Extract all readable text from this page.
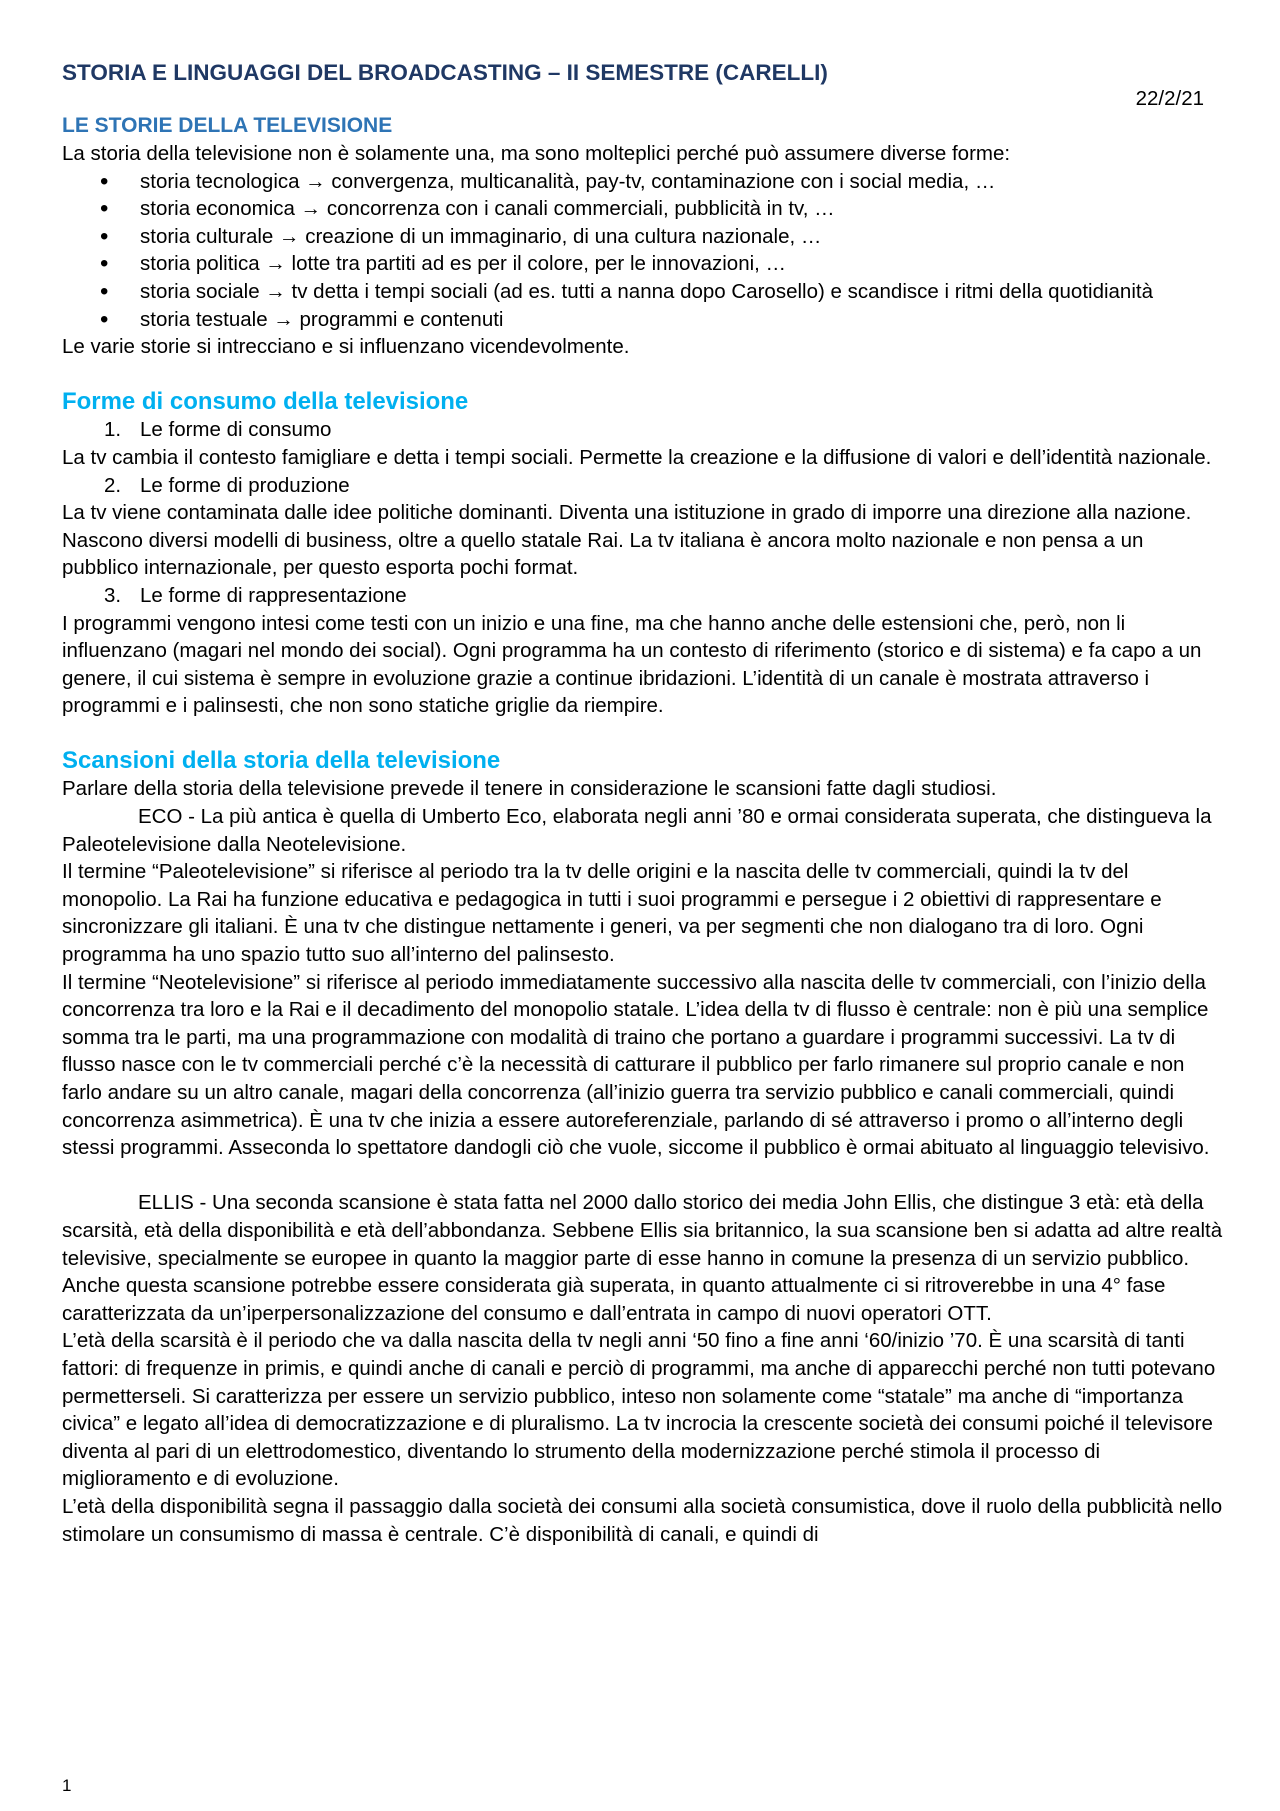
STORIA E LINGUAGGI DEL BROADCASTING – II SEMESTRE (CARELLI)
22/2/21
LE STORIE DELLA TELEVISIONE

La storia della televisione non è solamente una, ma sono molteplici perché può assumere diverse forme:

• storia tecnologica → convergenza, multicanalità, pay-tv, contaminazione con i social media, …
• storia economica → concorrenza con i canali commerciali, pubblicità in tv, …
• storia culturale → creazione di un immaginario, di una cultura nazionale, …
• storia politica → lotte tra partiti ad es per il colore, per le innovazioni, …
• storia sociale → tv detta i tempi sociali (ad es. tutti a nanna dopo Carosello) e scandisce i ritmi della quotidianità
• storia testuale → programmi e contenuti

Le varie storie si intrecciano e si influenzano vicendevolmente.

Forme di consumo della televisione
1. Le forme di consumo

La tv cambia il contesto famigliare e detta i tempi sociali. Permette la creazione e la diffusione di valori e dell’identità nazionale.

2. Le forme di produzione

La tv viene contaminata dalle idee politiche dominanti. Diventa una istituzione in grado di imporre una direzione alla nazione. Nascono diversi modelli di business, oltre a quello statale Rai. La tv italiana è ancora molto nazionale e non pensa a un pubblico internazionale, per questo esporta pochi format.

3. Le forme di rappresentazione

I programmi vengono intesi come testi con un inizio e una fine, ma che hanno anche delle estensioni che, però, non li influenzano (magari nel mondo dei social). Ogni programma ha un contesto di riferimento (storico e di sistema) e fa capo a un genere, il cui sistema è sempre in evoluzione grazie a continue ibridazioni. L’identità di un canale è mostrata attraverso i programmi e i palinsesti, che non sono statiche griglie da riempire.

Scansioni della storia della televisione

Parlare della storia della televisione prevede il tenere in considerazione le scansioni fatte dagli studiosi.

ECO - La più antica è quella di Umberto Eco, elaborata negli anni ’80 e ormai considerata superata, che distingueva la Paleotelevisione dalla Neotelevisione.

Il termine “Paleotelevisione” si riferisce al periodo tra la tv delle origini e la nascita delle tv commerciali, quindi la tv del monopolio. La Rai ha funzione educativa e pedagogica in tutti i suoi programmi e persegue i 2 obiettivi di rappresentare e sincronizzare gli italiani. È una tv che distingue nettamente i generi, va per segmenti che non dialogano tra di loro. Ogni programma ha uno spazio tutto suo all’interno del palinsesto.

Il termine “Neotelevisione” si riferisce al periodo immediatamente successivo alla nascita delle tv commerciali, con l’inizio della concorrenza tra loro e la Rai e il decadimento del monopolio statale. L’idea della tv di flusso è centrale: non è più una semplice somma tra le parti, ma una programmazione con modalità di traino che portano a guardare i programmi successivi. La tv di flusso nasce con le tv commerciali perché c’è la necessità di catturare il pubblico per farlo rimanere sul proprio canale e non farlo andare su un altro canale, magari della concorrenza (all’inizio guerra tra servizio pubblico e canali commerciali, quindi concorrenza asimmetrica). È una tv che inizia a essere autoreferenziale, parlando di sé attraverso i promo o all’interno degli stessi programmi. Asseconda lo spettatore dandogli ciò che vuole, siccome il pubblico è ormai abituato al linguaggio televisivo.

ELLIS - Una seconda scansione è stata fatta nel 2000 dallo storico dei media John Ellis, che distingue 3 età: età della scarsità, età della disponibilità e età dell’abbondanza. Sebbene Ellis sia britannico, la sua scansione ben si adatta ad altre realtà televisive, specialmente se europee in quanto la maggior parte di esse hanno in comune la presenza di un servizio pubblico. Anche questa scansione potrebbe essere considerata già superata, in quanto attualmente ci si ritroverebbe in una 4° fase caratterizzata da un’iperpersonalizzazione del consumo e dall’entrata in campo di nuovi operatori OTT.

L’età della scarsità è il periodo che va dalla nascita della tv negli anni ‘50 fino a fine anni ‘60/inizio ’70. È una scarsità di tanti fattori: di frequenze in primis, e quindi anche di canali e perciò di programmi, ma anche di apparecchi perché non tutti potevano permetterseli. Si caratterizza per essere un servizio pubblico, inteso non solamente come “statale” ma anche di “importanza civica” e legato all’idea di democratizzazione e di pluralismo. La tv incrocia la crescente società dei consumi poiché il televisore diventa al pari di un elettrodomestico, diventando lo strumento della modernizzazione perché stimola il processo di miglioramento e di evoluzione.

L’età della disponibilità segna il passaggio dalla società dei consumi alla società consumistica, dove il ruolo della pubblicità nello stimolare un consumismo di massa è centrale. C’è disponibilità di canali, e quindi di

1
